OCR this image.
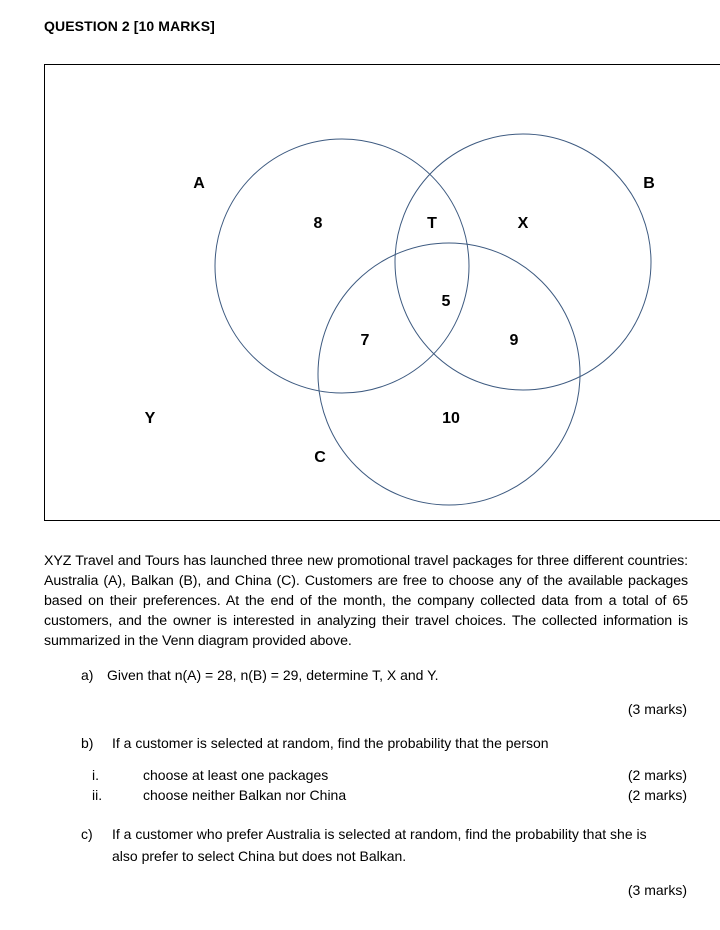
QUESTION 2 [10 MARKS]
A	B
C
Y
8	T	X
5
7	9
10
XYZ Travel and Tours has launched three new promotional travel packages for three different countries: Australia (A), Balkan (B), and China (C). Customers are free to choose any of the available packages based on their preferences. At the end of the month, the company collected data from a total of 65 customers, and the owner is interested in analyzing their travel choices. The collected information is summarized in the Venn diagram provided above.
a) Given that n(A) = 28, n(B) = 29, determine T, X and Y.
(3 marks)
b) If a customer is selected at random, find the probability that the person
i.	choose at least one packages	(2 marks)
ii.	choose neither Balkan nor China	(2 marks)
c) If a customer who prefer Australia is selected at random, find the probability that she is
also prefer to select China but does not Balkan.
(3 marks)
